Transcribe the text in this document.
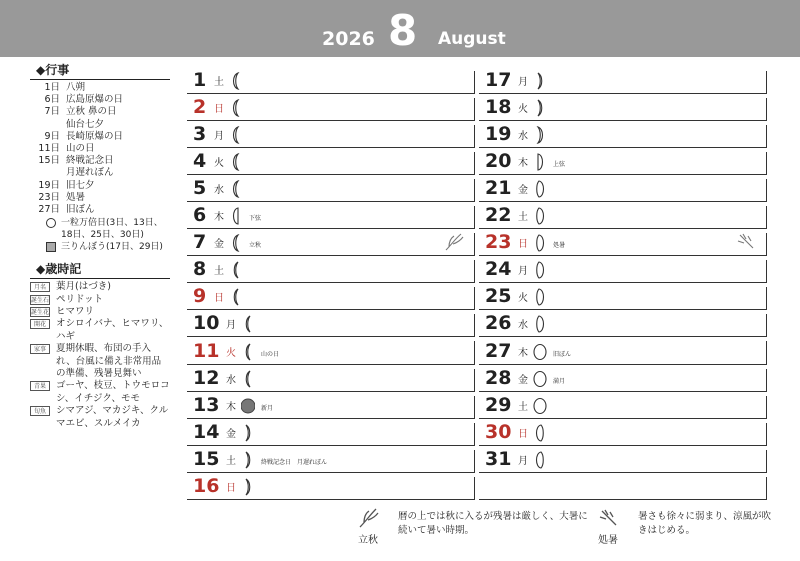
2026 8 August
◆行事
1日 八朔
6日 広島原爆の日
7日 立秋 鼻の日
仙台七夕
9日 長崎原爆の日
11日 山の日
15日 終戦記念日
月遅れぼん
19日 旧七夕
23日 処暑
27日 旧ぼん
一粒万倍日(3日、13日、18日、25日、30日)
三りんぼう(17日、29日)
◆歳時記
月名	葉月(はづき)
誕生石 ペリドット
誕生花 ヒマワリ
開花	オシロイバナ、ヒマワリ、ハギ
家事	夏期休暇、布団の手入れ、台風に備え非常用品の準備、残暑見舞い
青果	ゴーヤ、枝豆、トウモロコシ、イチジク、モモ
旬魚	シマアジ、マカジキ、クルマエビ、スルメイカ
1 土
2 日
3 月
4 火
5 水
6 木	下弦
7 金	立秋
8 土
9 日
10 月
11 火	山の日
12 水
13 木	新月
14 金
15 土	終戦記念日　月遅れぼん
16 日
17 月
18 火
19 水
20 木	上弦
21 金
22 土
23 日	処暑
24 月
25 火
26 水
27 木	旧ぼん
28 金	満月
29 土
30 日
31 月
立秋
暦の上では秋に入るが残暑は厳しく、大暑に続いて暑い時期。
処暑
暑さも徐々に弱まり、涼風が吹きはじめる。
